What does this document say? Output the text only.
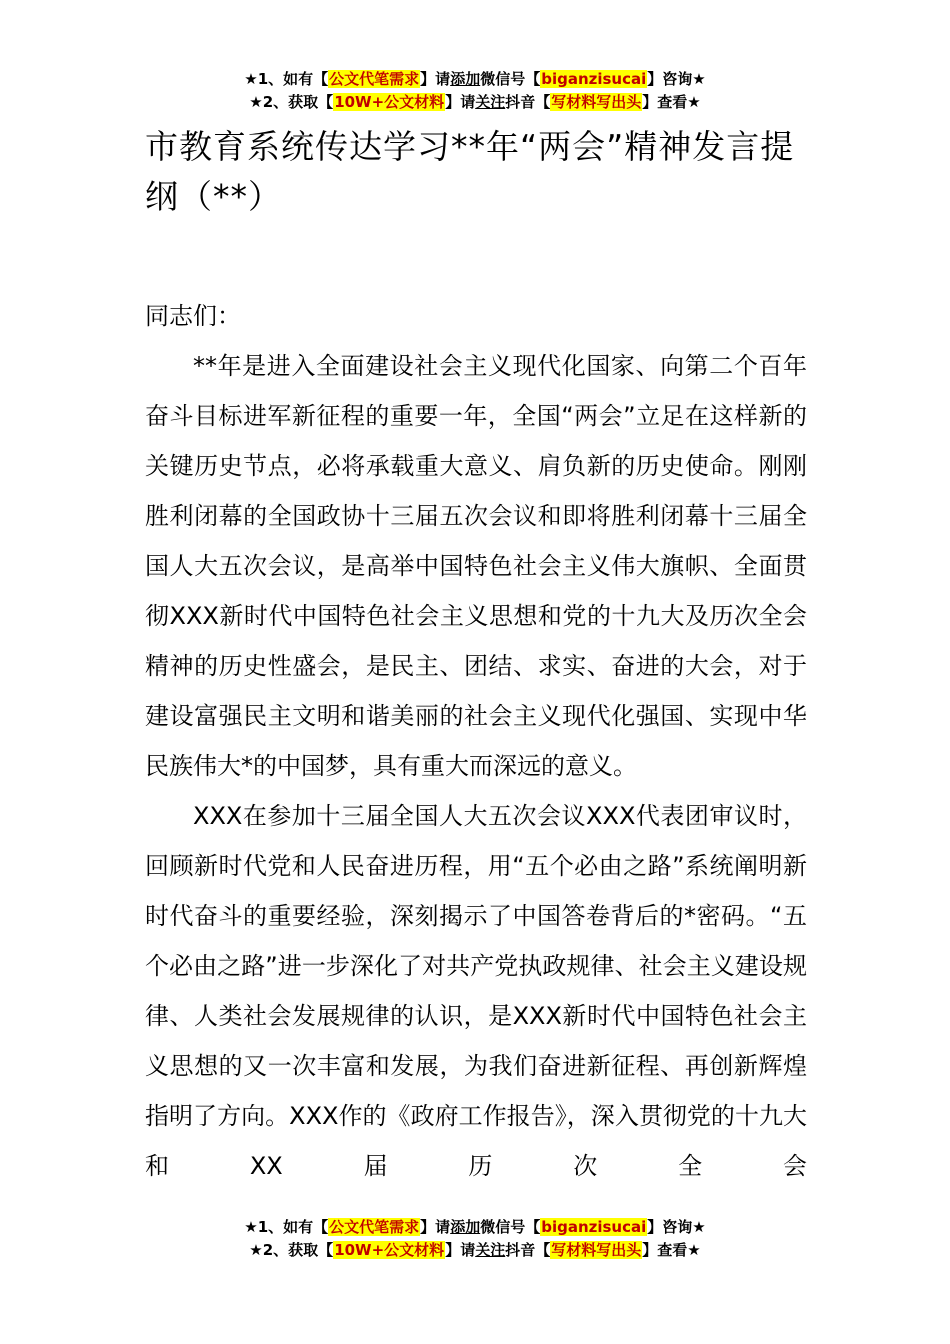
★1、如有【公文代笔需求】请添加微信号【biganzisucai】咨询★
★2、获取【10W+公文材料】请关注抖音【写材料写出头】查看★
市教育系统传达学习**年“两会”精神发言提纲（**）

同志们：

**年是进入全面建设社会主义现代化国家、向第二个百年奋斗目标进军新征程的重要一年，全国“两会”立足在这样新的关键历史节点，必将承载重大意义、肩负新的历史使命。刚刚胜利闭幕的全国政协十三届五次会议和即将胜利闭幕十三届全国人大五次会议，是高举中国特色社会主义伟大旗帜、全面贯彻XXX新时代中国特色社会主义思想和党的十九大及历次全会精神的历史性盛会，是民主、团结、求实、奋进的大会，对于建设富强民主文明和谐美丽的社会主义现代化强国、实现中华民族伟大*的中国梦，具有重大而深远的意义。

XXX在参加十三届全国人大五次会议XXX代表团审议时，回顾新时代党和人民奋进历程，用“五个必由之路”系统阐明新时代奋斗的重要经验，深刻揭示了中国答卷背后的*密码。“五个必由之路”进一步深化了对共产党执政规律、社会主义建设规律、人类社会发展规律的认识，是XXX新时代中国特色社会主义思想的又一次丰富和发展，为我们奋进新征程、再创新辉煌指明了方向。XXX作的《政府工作报告》，深入贯彻党的十九大和XX届历次全会

★1、如有【公文代笔需求】请添加微信号【biganzisucai】咨询★
★2、获取【10W+公文材料】请关注抖音【写材料写出头】查看★
